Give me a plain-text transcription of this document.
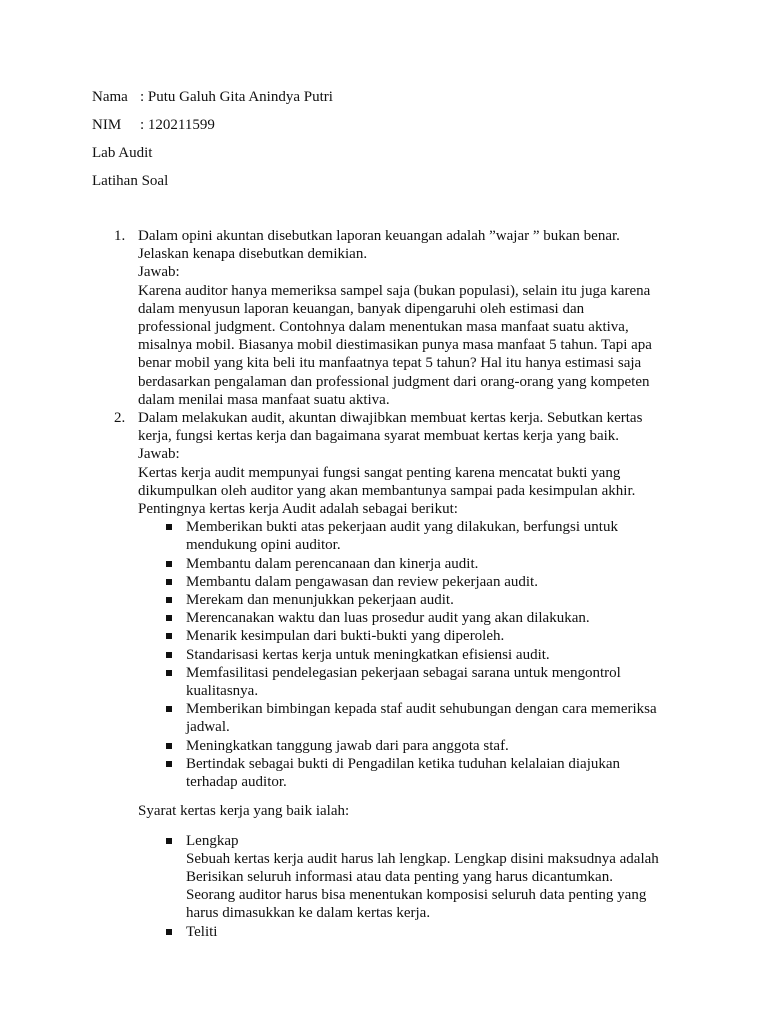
Nama : Putu Galuh Gita Anindya Putri
NIM : 120211599
Lab Audit
Latihan Soal
1. Dalam opini akuntan disebutkan laporan keuangan adalah ”wajar ” bukan benar.

Jelaskan kenapa disebutkan demikian.

Jawab:

Karena auditor hanya memeriksa sampel saja (bukan populasi), selain itu juga karena

dalam menyusun laporan keuangan, banyak dipengaruhi oleh estimasi dan

professional judgment. Contohnya dalam menentukan masa manfaat suatu aktiva,

misalnya mobil. Biasanya mobil diestimasikan punya masa manfaat 5 tahun. Tapi apa

benar mobil yang kita beli itu manfaatnya tepat 5 tahun? Hal itu hanya estimasi saja

berdasarkan pengalaman dan professional judgment dari orang-orang yang kompeten

dalam menilai masa manfaat suatu aktiva.

2. Dalam melakukan audit, akuntan diwajibkan membuat kertas kerja. Sebutkan kertas

kerja, fungsi kertas kerja dan bagaimana syarat membuat kertas kerja yang baik.

Jawab:

Kertas kerja audit mempunyai fungsi sangat penting karena mencatat bukti yang

dikumpulkan oleh auditor yang akan membantunya sampai pada kesimpulan akhir.

Pentingnya kertas kerja Audit adalah sebagai berikut:

Memberikan bukti atas pekerjaan audit yang dilakukan, berfungsi untuk
mendukung opini auditor.
Membantu dalam perencanaan dan kinerja audit.
Membantu dalam pengawasan dan review pekerjaan audit.
Merekam dan menunjukkan pekerjaan audit.
Merencanakan waktu dan luas prosedur audit yang akan dilakukan.
Menarik kesimpulan dari bukti-bukti yang diperoleh.
Standarisasi kertas kerja untuk meningkatkan efisiensi audit.
Memfasilitasi pendelegasian pekerjaan sebagai sarana untuk mengontrol
kualitasnya.
Memberikan bimbingan kepada staf audit sehubungan dengan cara memeriksa
jadwal.
Meningkatkan tanggung jawab dari para anggota staf.
Bertindak sebagai bukti di Pengadilan ketika tuduhan kelalaian diajukan
terhadap auditor.

Syarat kertas kerja yang baik ialah:

Lengkap
Sebuah kertas kerja audit harus lah lengkap. Lengkap disini maksudnya adalah
Berisikan seluruh informasi atau data penting yang harus dicantumkan.
Seorang auditor harus bisa menentukan komposisi seluruh data penting yang
harus dimasukkan ke dalam kertas kerja.
Teliti
